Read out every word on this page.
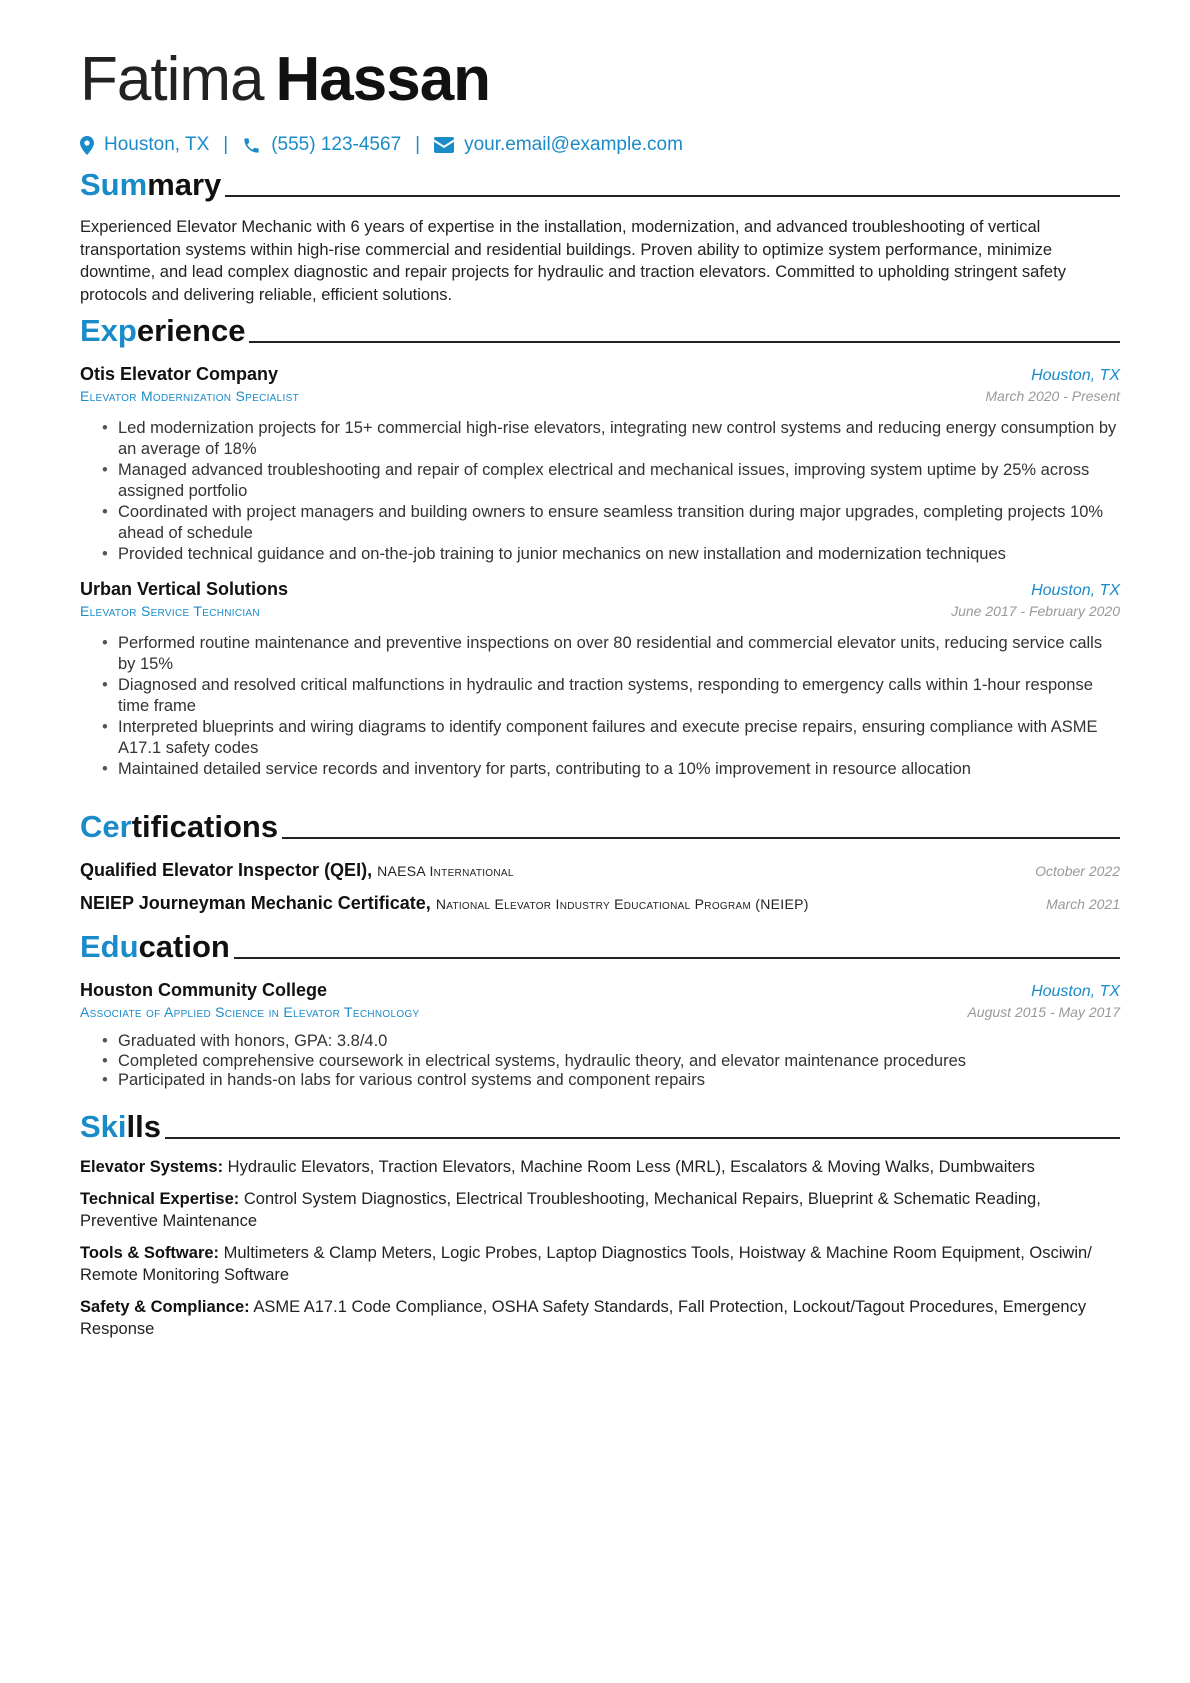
Fatima Hassan
Houston, TX | (555) 123-4567 | your.email@example.com
Summary
Experienced Elevator Mechanic with 6 years of expertise in the installation, modernization, and advanced troubleshooting of vertical transportation systems within high-rise commercial and residential buildings. Proven ability to optimize system performance, minimize downtime, and lead complex diagnostic and repair projects for hydraulic and traction elevators. Committed to upholding stringent safety protocols and delivering reliable, efficient solutions.
Experience
Otis Elevator Company	Houston, TX
Elevator Modernization Specialist	March 2020 - Present
• Led modernization projects for 15+ commercial high-rise elevators, integrating new control systems and reducing energy consumption by an average of 18%
• Managed advanced troubleshooting and repair of complex electrical and mechanical issues, improving system uptime by 25% across assigned portfolio
• Coordinated with project managers and building owners to ensure seamless transition during major upgrades, completing projects 10% ahead of schedule
• Provided technical guidance and on-the-job training to junior mechanics on new installation and modernization techniques
Urban Vertical Solutions	Houston, TX
Elevator Service Technician	June 2017 - February 2020
• Performed routine maintenance and preventive inspections on over 80 residential and commercial elevator units, reducing service calls by 15%
• Diagnosed and resolved critical malfunctions in hydraulic and traction systems, responding to emergency calls within 1-hour response time frame
• Interpreted blueprints and wiring diagrams to identify component failures and execute precise repairs, ensuring compliance with ASME A17.1 safety codes
• Maintained detailed service records and inventory for parts, contributing to a 10% improvement in resource allocation
Certifications
Qualified Elevator Inspector (QEI), NAESA International	October 2022
NEIEP Journeyman Mechanic Certificate, National Elevator Industry Educational Program (NEIEP)	March 2021
Education
Houston Community College	Houston, TX
Associate of Applied Science in Elevator Technology	August 2015 - May 2017
• Graduated with honors, GPA: 3.8/4.0
• Completed comprehensive coursework in electrical systems, hydraulic theory, and elevator maintenance procedures
• Participated in hands-on labs for various control systems and component repairs
Skills
Elevator Systems: Hydraulic Elevators, Traction Elevators, Machine Room Less (MRL), Escalators & Moving Walks, Dumbwaiters
Technical Expertise: Control System Diagnostics, Electrical Troubleshooting, Mechanical Repairs, Blueprint & Schematic Reading, Preventive Maintenance
Tools & Software: Multimeters & Clamp Meters, Logic Probes, Laptop Diagnostics Tools, Hoistway & Machine Room Equipment, Osciwin/ Remote Monitoring Software
Safety & Compliance: ASME A17.1 Code Compliance, OSHA Safety Standards, Fall Protection, Lockout/Tagout Procedures, Emergency Response
